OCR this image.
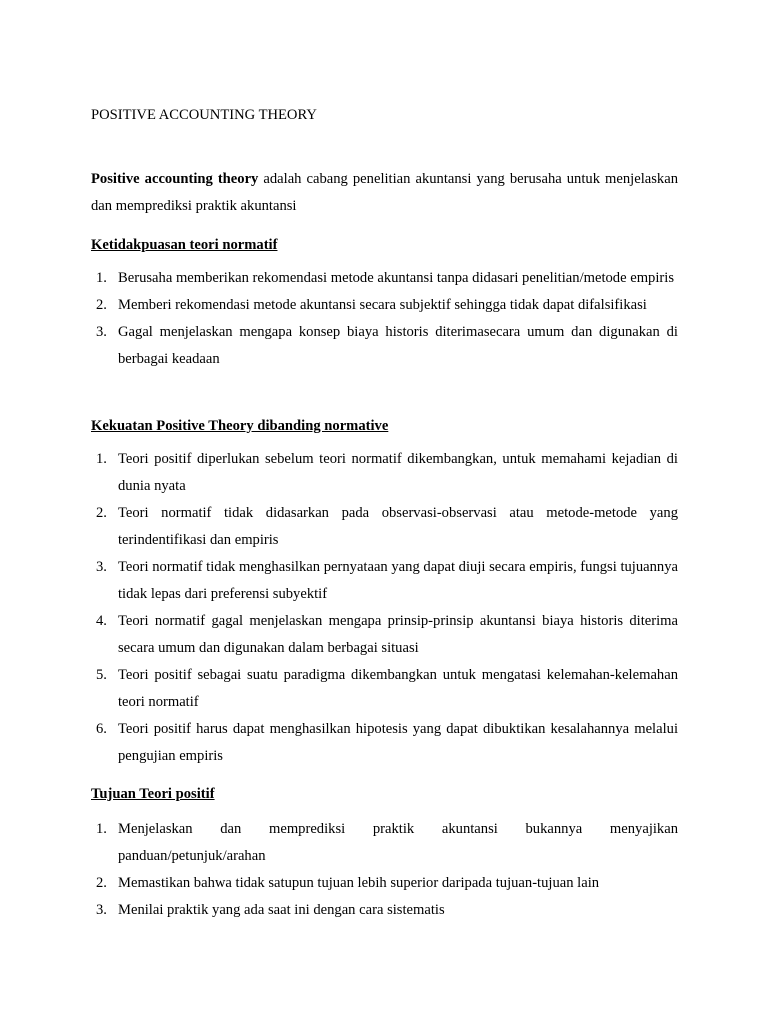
POSITIVE ACCOUNTING THEORY

Positive accounting theory adalah cabang penelitian akuntansi yang berusaha untuk menjelaskan dan memprediksi praktik akuntansi

Ketidakpuasan teori normatif
1. Berusaha memberikan rekomendasi metode akuntansi tanpa didasari penelitian/metode empiris
2. Memberi rekomendasi metode akuntansi secara subjektif sehingga tidak dapat difalsifikasi
3. Gagal menjelaskan mengapa konsep biaya historis diterimasecara umum dan digunakan di berbagai keadaan
Kekuatan Positive Theory dibanding normative
1. Teori positif diperlukan sebelum teori normatif dikembangkan, untuk memahami kejadian di dunia nyata
2. Teori normatif tidak didasarkan pada observasi-observasi atau metode-metode yang terindentifikasi dan empiris
3. Teori normatif tidak menghasilkan pernyataan yang dapat diuji secara empiris, fungsi tujuannya tidak lepas dari preferensi subyektif
4. Teori normatif gagal menjelaskan mengapa prinsip-prinsip akuntansi biaya historis diterima secara umum dan digunakan dalam berbagai situasi
5. Teori positif sebagai suatu paradigma dikembangkan untuk mengatasi kelemahan-kelemahan teori normatif
6. Teori positif harus dapat menghasilkan hipotesis yang dapat dibuktikan kesalahannya melalui pengujian empiris
Tujuan Teori positif
1. Menjelaskan dan memprediksi praktik akuntansi bukannya menyajikan panduan/petunjuk/arahan
2. Memastikan bahwa tidak satupun tujuan lebih superior daripada tujuan-tujuan lain
3. Menilai praktik yang ada saat ini dengan cara sistematis
